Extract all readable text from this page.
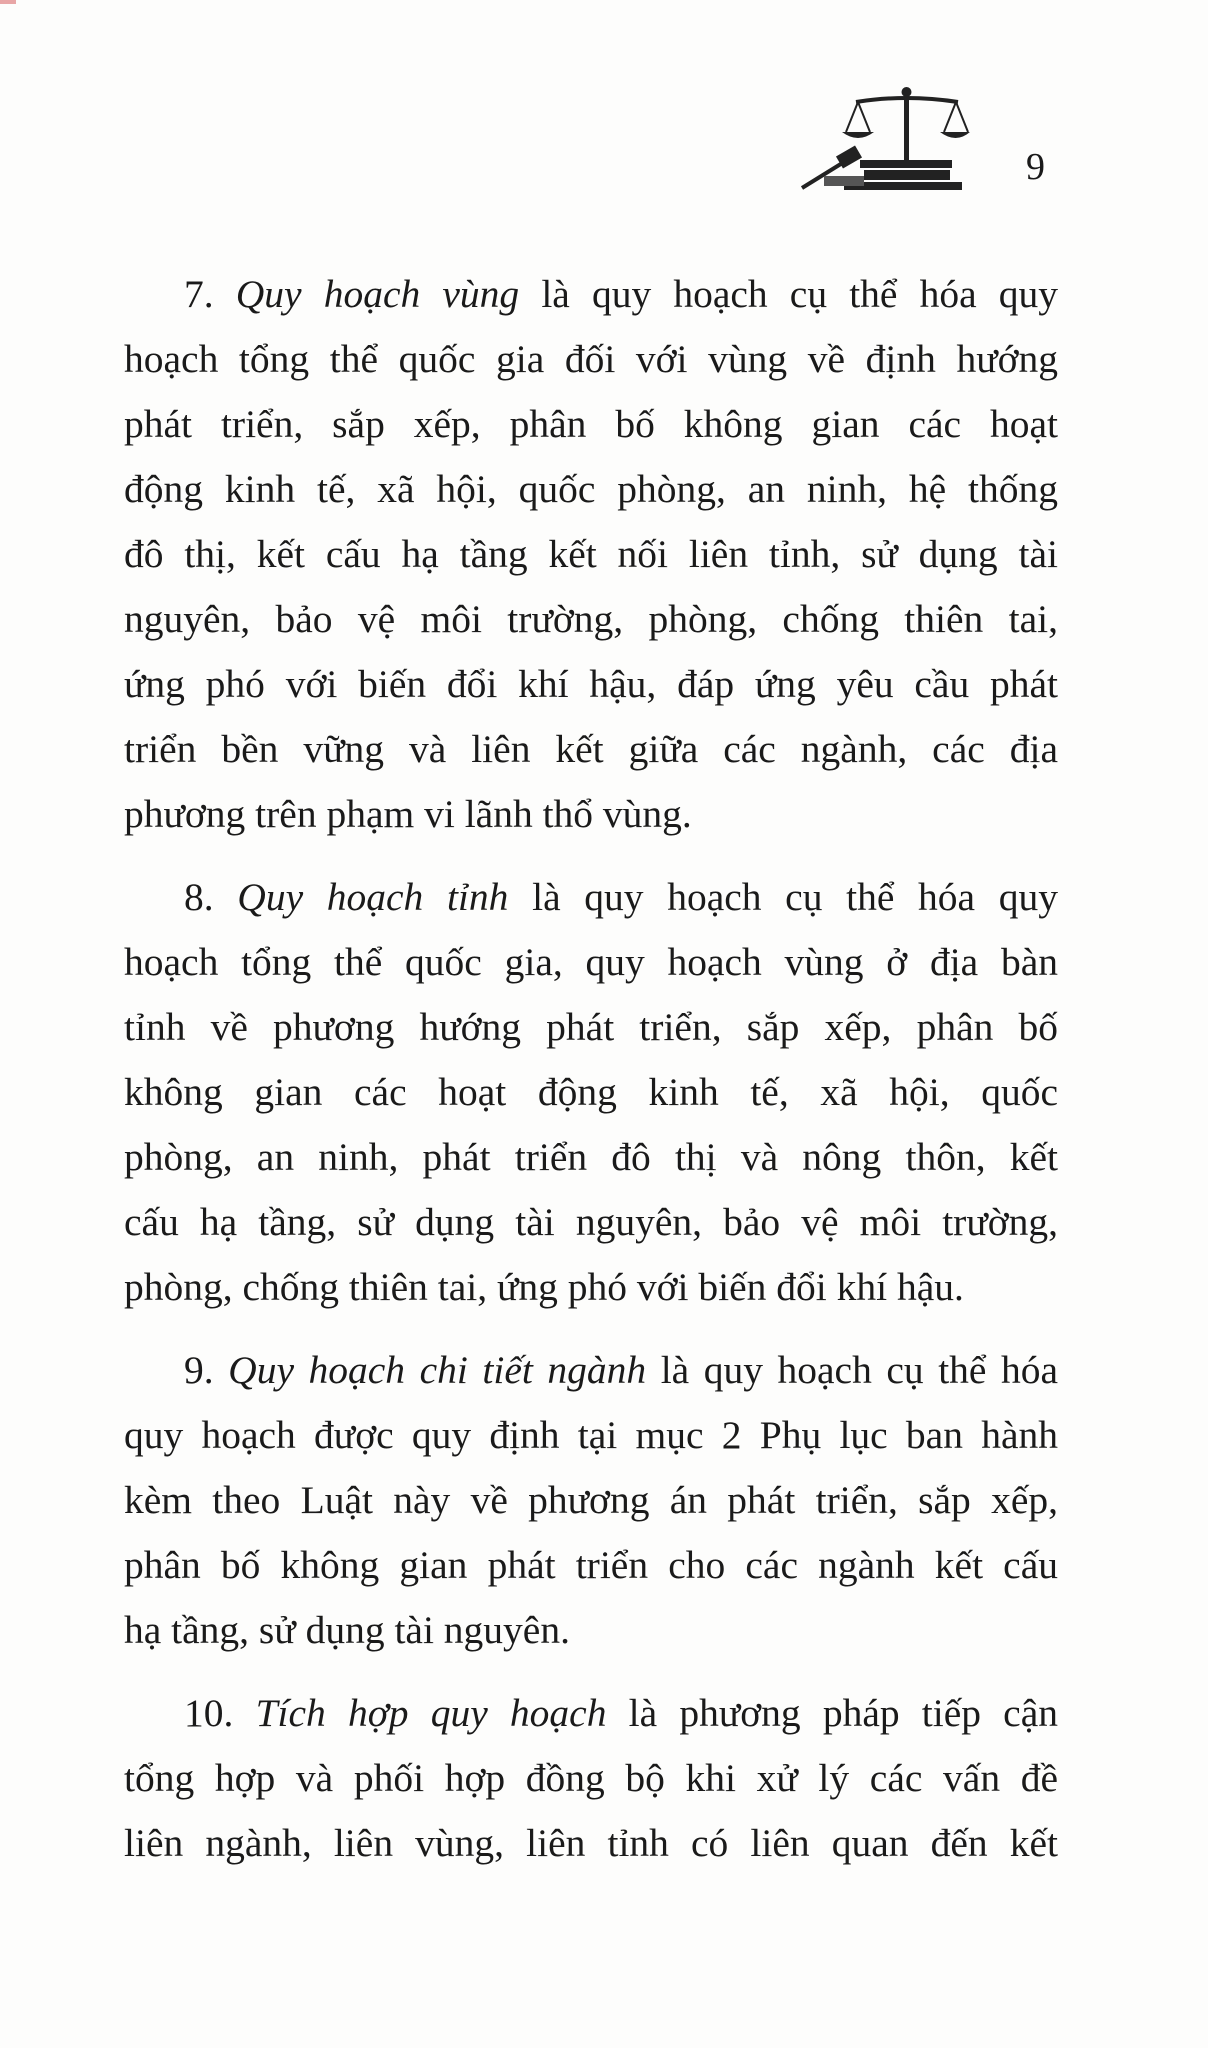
9

7. Quy hoạch vùng là quy hoạch cụ thể hóa quy
hoạch tổng thể quốc gia đối với vùng về định hướng
phát triển, sắp xếp, phân bố không gian các hoạt
động kinh tế, xã hội, quốc phòng, an ninh, hệ thống
đô thị, kết cấu hạ tầng kết nối liên tỉnh, sử dụng tài
nguyên, bảo vệ môi trường, phòng, chống thiên tai,
ứng phó với biến đổi khí hậu, đáp ứng yêu cầu phát
triển bền vững và liên kết giữa các ngành, các địa
phương trên phạm vi lãnh thổ vùng.

8. Quy hoạch tỉnh là quy hoạch cụ thể hóa quy
hoạch tổng thể quốc gia, quy hoạch vùng ở địa bàn
tỉnh về phương hướng phát triển, sắp xếp, phân bố
không gian các hoạt động kinh tế, xã hội, quốc
phòng, an ninh, phát triển đô thị và nông thôn, kết
cấu hạ tầng, sử dụng tài nguyên, bảo vệ môi trường,
phòng, chống thiên tai, ứng phó với biến đổi khí hậu.

9. Quy hoạch chi tiết ngành là quy hoạch cụ thể hóa
quy hoạch được quy định tại mục 2 Phụ lục ban hành
kèm theo Luật này về phương án phát triển, sắp xếp,
phân bố không gian phát triển cho các ngành kết cấu
hạ tầng, sử dụng tài nguyên.

10. Tích hợp quy hoạch là phương pháp tiếp cận
tổng hợp và phối hợp đồng bộ khi xử lý các vấn đề
liên ngành, liên vùng, liên tỉnh có liên quan đến kết
